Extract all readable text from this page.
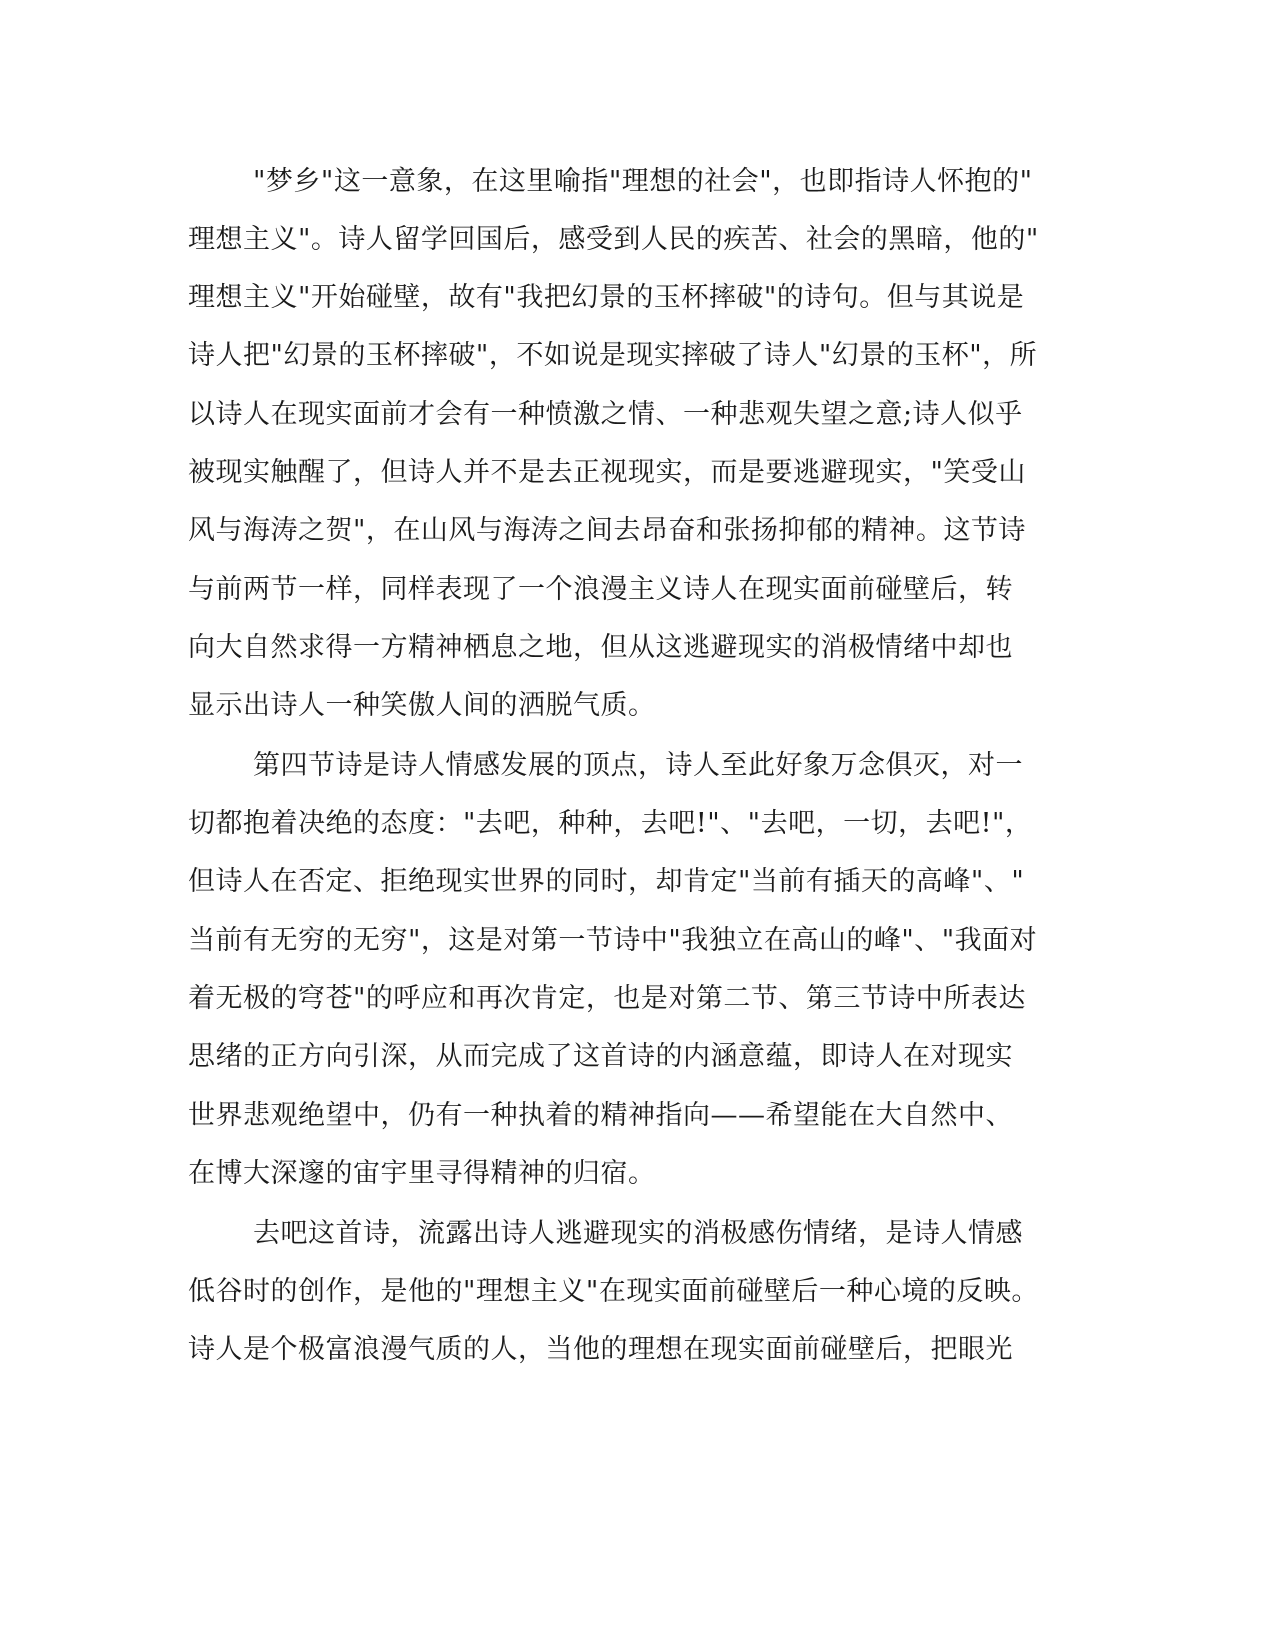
"梦乡"这一意象，在这里喻指"理想的社会"，也即指诗人怀抱的"
理想主义"。诗人留学回国后，感受到人民的疾苦、社会的黑暗，他的"
理想主义"开始碰壁，故有"我把幻景的玉杯摔破"的诗句。但与其说是
诗人把"幻景的玉杯摔破"，不如说是现实摔破了诗人"幻景的玉杯"，所
以诗人在现实面前才会有一种愤激之情、一种悲观失望之意;诗人似乎
被现实触醒了，但诗人并不是去正视现实，而是要逃避现实，"笑受山
风与海涛之贺"，在山风与海涛之间去昂奋和张扬抑郁的精神。这节诗
与前两节一样，同样表现了一个浪漫主义诗人在现实面前碰壁后，转
向大自然求得一方精神栖息之地，但从这逃避现实的消极情绪中却也
显示出诗人一种笑傲人间的洒脱气质。
第四节诗是诗人情感发展的顶点，诗人至此好象万念俱灭，对一
切都抱着决绝的态度："去吧，种种，去吧!"、"去吧，一切，去吧!"，
但诗人在否定、拒绝现实世界的同时，却肯定"当前有插天的高峰"、"
当前有无穷的无穷"，这是对第一节诗中"我独立在高山的峰"、"我面对
着无极的穹苍"的呼应和再次肯定，也是对第二节、第三节诗中所表达
思绪的正方向引深，从而完成了这首诗的内涵意蕴，即诗人在对现实
世界悲观绝望中，仍有一种执着的精神指向——希望能在大自然中、
在博大深邃的宙宇里寻得精神的归宿。
去吧这首诗，流露出诗人逃避现实的消极感伤情绪，是诗人情感
低谷时的创作，是他的"理想主义"在现实面前碰壁后一种心境的反映。
诗人是个极富浪漫气质的人，当他的理想在现实面前碰壁后，把眼光
